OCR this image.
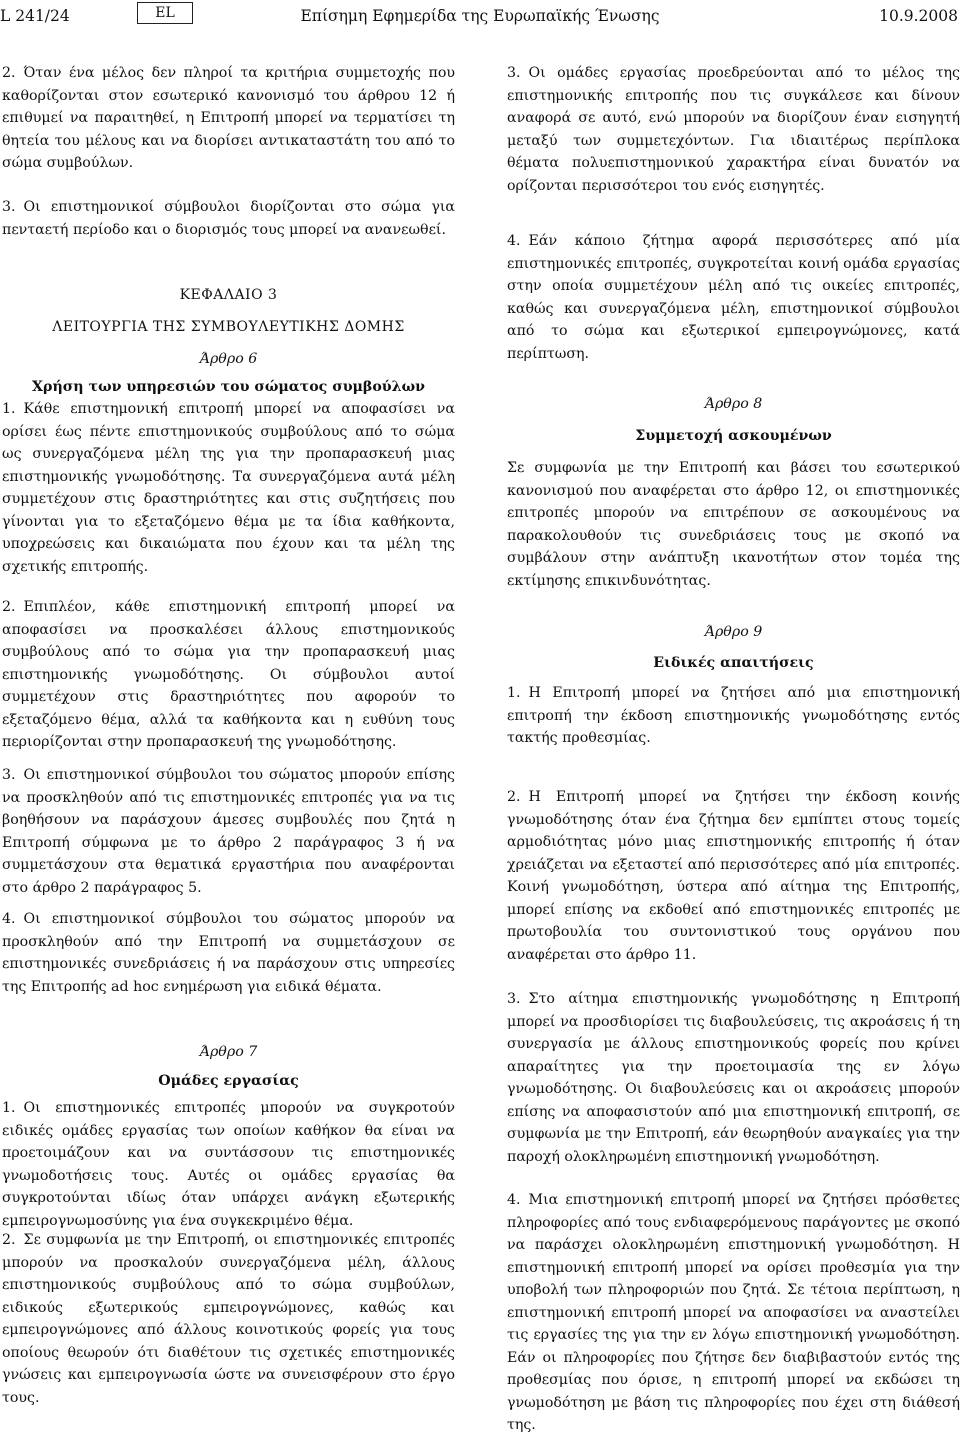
L 241/24	EL	Επίσημη Εφημερίδα της Ευρωπαϊκής Ένωσης	10.9.2008

2. Όταν ένα μέλος δεν πληροί τα κριτήρια συμμετοχής που καθορίζονται στον εσωτερικό κανονισμό του άρθρου 12 ή επιθυμεί να παραιτηθεί, η Επιτροπή μπορεί να τερματίσει τη θητεία του μέλους και να διορίσει αντικαταστάτη του από το σώμα συμβούλων.

3. Οι επιστημονικοί σύμβουλοι διορίζονται στο σώμα για πενταετή περίοδο και ο διορισμός τους μπορεί να ανανεωθεί.

ΚΕΦΑΛΑΙΟ 3
ΛΕΙΤΟΥΡΓΙΑ ΤΗΣ ΣΥΜΒΟΥΛΕΥΤΙΚΗΣ ΔΟΜΗΣ
Άρθρο 6
Χρήση των υπηρεσιών του σώματος συμβούλων

1. Κάθε επιστημονική επιτροπή μπορεί να αποφασίσει να ορίσει έως πέντε επιστημονικούς συμβούλους από το σώμα ως συνεργαζόμενα μέλη της για την προπαρασκευή μιας επιστημονικής γνωμοδότησης. Τα συνεργαζόμενα αυτά μέλη συμμετέχουν στις δραστηριότητες και στις συζητήσεις που γίνονται για το εξεταζόμενο θέμα με τα ίδια καθήκοντα, υποχρεώσεις και δικαιώματα που έχουν και τα μέλη της σχετικής επιτροπής.

2. Επιπλέον, κάθε επιστημονική επιτροπή μπορεί να αποφασίσει να προσκαλέσει άλλους επιστημονικούς συμβούλους από το σώμα για την προπαρασκευή μιας επιστημονικής γνωμοδότησης. Οι σύμβουλοι αυτοί συμμετέχουν στις δραστηριότητες που αφορούν το εξεταζόμενο θέμα, αλλά τα καθήκοντα και η ευθύνη τους περιορίζονται στην προπαρασκευή της γνωμοδότησης.

3. Οι επιστημονικοί σύμβουλοι του σώματος μπορούν επίσης να προσκληθούν από τις επιστημονικές επιτροπές για να τις βοηθήσουν να παράσχουν άμεσες συμβουλές που ζητά η Επιτροπή σύμφωνα με το άρθρο 2 παράγραφος 3 ή να συμμετάσχουν στα θεματικά εργαστήρια που αναφέρονται στο άρθρο 2 παράγραφος 5.

4. Οι επιστημονικοί σύμβουλοι του σώματος μπορούν να προσκληθούν από την Επιτροπή να συμμετάσχουν σε επιστημονικές συνεδριάσεις ή να παράσχουν στις υπηρεσίες της Επιτροπής ad hoc ενημέρωση για ειδικά θέματα.

Άρθρο 7
Ομάδες εργασίας

1. Οι επιστημονικές επιτροπές μπορούν να συγκροτούν ειδικές ομάδες εργασίας των οποίων καθήκον θα είναι να προετοιμάζουν και να συντάσσουν τις επιστημονικές γνωμοδοτήσεις τους. Αυτές οι ομάδες εργασίας θα συγκροτούνται ιδίως όταν υπάρχει ανάγκη εξωτερικής εμπειρογνωμοσύνης για ένα συγκεκριμένο θέμα.

2. Σε συμφωνία με την Επιτροπή, οι επιστημονικές επιτροπές μπορούν να προσκαλούν συνεργαζόμενα μέλη, άλλους επιστημονικούς συμβούλους από το σώμα συμβούλων, ειδικούς εξωτερικούς εμπειρογνώμονες, καθώς και εμπειρογνώμονες από άλλους κοινοτικούς φορείς για τους οποίους θεωρούν ότι διαθέτουν τις σχετικές επιστημονικές γνώσεις και εμπειρογνωσία ώστε να συνεισφέρουν στο έργο τους.

3. Οι ομάδες εργασίας προεδρεύονται από το μέλος της επιστημονικής επιτροπής που τις συγκάλεσε και δίνουν αναφορά σε αυτό, ενώ μπορούν να διορίζουν έναν εισηγητή μεταξύ των συμμετεχόντων. Για ιδιαιτέρως περίπλοκα θέματα πολυεπιστημονικού χαρακτήρα είναι δυνατόν να ορίζονται περισσότεροι του ενός εισηγητές.

4. Εάν κάποιο ζήτημα αφορά περισσότερες από μία επιστημονικές επιτροπές, συγκροτείται κοινή ομάδα εργασίας στην οποία συμμετέχουν μέλη από τις οικείες επιτροπές, καθώς και συνεργαζόμενα μέλη, επιστημονικοί σύμβουλοι από το σώμα και εξωτερικοί εμπειρογνώμονες, κατά περίπτωση.

Άρθρο 8
Συμμετοχή ασκουμένων

Σε συμφωνία με την Επιτροπή και βάσει του εσωτερικού κανονισμού που αναφέρεται στο άρθρο 12, οι επιστημονικές επιτροπές μπορούν να επιτρέπουν σε ασκουμένους να παρακολουθούν τις συνεδριάσεις τους με σκοπό να συμβάλουν στην ανάπτυξη ικανοτήτων στον τομέα της εκτίμησης επικινδυνότητας.

Άρθρο 9
Ειδικές απαιτήσεις

1. Η Επιτροπή μπορεί να ζητήσει από μια επιστημονική επιτροπή την έκδοση επιστημονικής γνωμοδότησης εντός τακτής προθεσμίας.

2. Η Επιτροπή μπορεί να ζητήσει την έκδοση κοινής γνωμοδότησης όταν ένα ζήτημα δεν εμπίπτει στους τομείς αρμοδιότητας μόνο μιας επιστημονικής επιτροπής ή όταν χρειάζεται να εξεταστεί από περισσότερες από μία επιτροπές. Κοινή γνωμοδότηση, ύστερα από αίτημα της Επιτροπής, μπορεί επίσης να εκδοθεί από επιστημονικές επιτροπές με πρωτοβουλία του συντονιστικού τους οργάνου που αναφέρεται στο άρθρο 11.

3. Στο αίτημα επιστημονικής γνωμοδότησης η Επιτροπή μπορεί να προσδιορίσει τις διαβουλεύσεις, τις ακροάσεις ή τη συνεργασία με άλλους επιστημονικούς φορείς που κρίνει απαραίτητες για την προετοιμασία της εν λόγω γνωμοδότησης. Οι διαβουλεύσεις και οι ακροάσεις μπορούν επίσης να αποφασιστούν από μια επιστημονική επιτροπή, σε συμφωνία με την Επιτροπή, εάν θεωρηθούν αναγκαίες για την παροχή ολοκληρωμένη επιστημονική γνωμοδότηση.

4. Μια επιστημονική επιτροπή μπορεί να ζητήσει πρόσθετες πληροφορίες από τους ενδιαφερόμενους παράγοντες με σκοπό να παράσχει ολοκληρωμένη επιστημονική γνωμοδότηση. Η επιστημονική επιτροπή μπορεί να ορίσει προθεσμία για την υποβολή των πληροφοριών που ζητά. Σε τέτοια περίπτωση, η επιστημονική επιτροπή μπορεί να αποφασίσει να αναστείλει τις εργασίες της για την εν λόγω επιστημονική γνωμοδότηση. Εάν οι πληροφορίες που ζήτησε δεν διαβιβαστούν εντός της προθεσμίας που όρισε, η επιτροπή μπορεί να εκδώσει τη γνωμοδότηση με βάση τις πληροφορίες που έχει στη διάθεσή της.
